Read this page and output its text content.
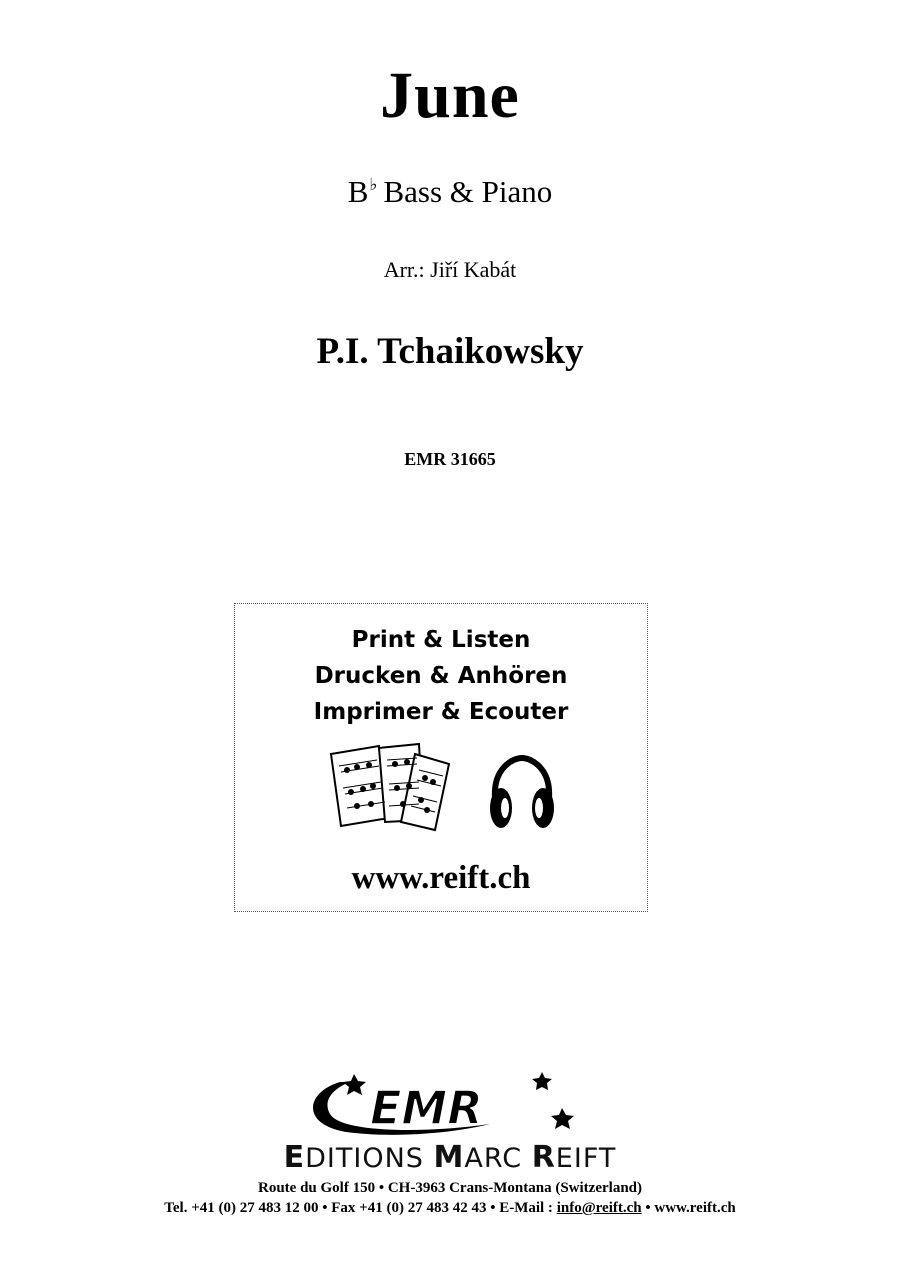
June
B♭ Bass & Piano
Arr.: Jiří Kabát
P.I. Tchaikowsky
EMR 31665
Print & Listen
Drucken & Anhören
Imprimer & Ecouter
www.reift.ch
EMR
EDITIONS MARC REIFT
Route du Golf 150 • CH-3963 Crans-Montana (Switzerland)
Tel. +41 (0) 27 483 12 00 • Fax +41 (0) 27 483 42 43 • E-Mail : info@reift.ch • www.reift.ch
